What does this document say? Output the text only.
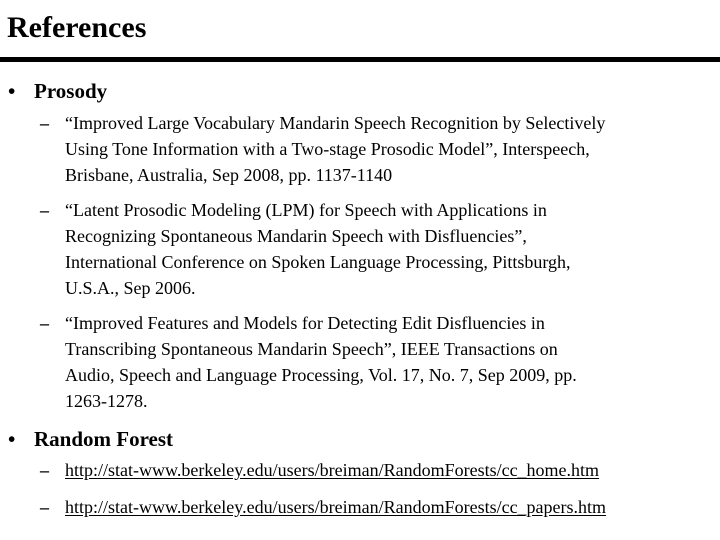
References
• Prosody
– “Improved Large Vocabulary Mandarin Speech Recognition by Selectively
Using Tone Information with a Two-stage Prosodic Model”, Interspeech,
Brisbane, Australia, Sep 2008, pp. 1137-1140
– “Latent Prosodic Modeling (LPM) for Speech with Applications in
Recognizing Spontaneous Mandarin Speech with Disfluencies”,
International Conference on Spoken Language Processing, Pittsburgh,
U.S.A., Sep 2006.
– “Improved Features and Models for Detecting Edit Disfluencies in
Transcribing Spontaneous Mandarin Speech”, IEEE Transactions on
Audio, Speech and Language Processing, Vol. 17, No. 7, Sep 2009, pp.
1263-1278.
• Random Forest
– http://stat-www.berkeley.edu/users/breiman/RandomForests/cc_home.htm
– http://stat-www.berkeley.edu/users/breiman/RandomForests/cc_papers.htm
